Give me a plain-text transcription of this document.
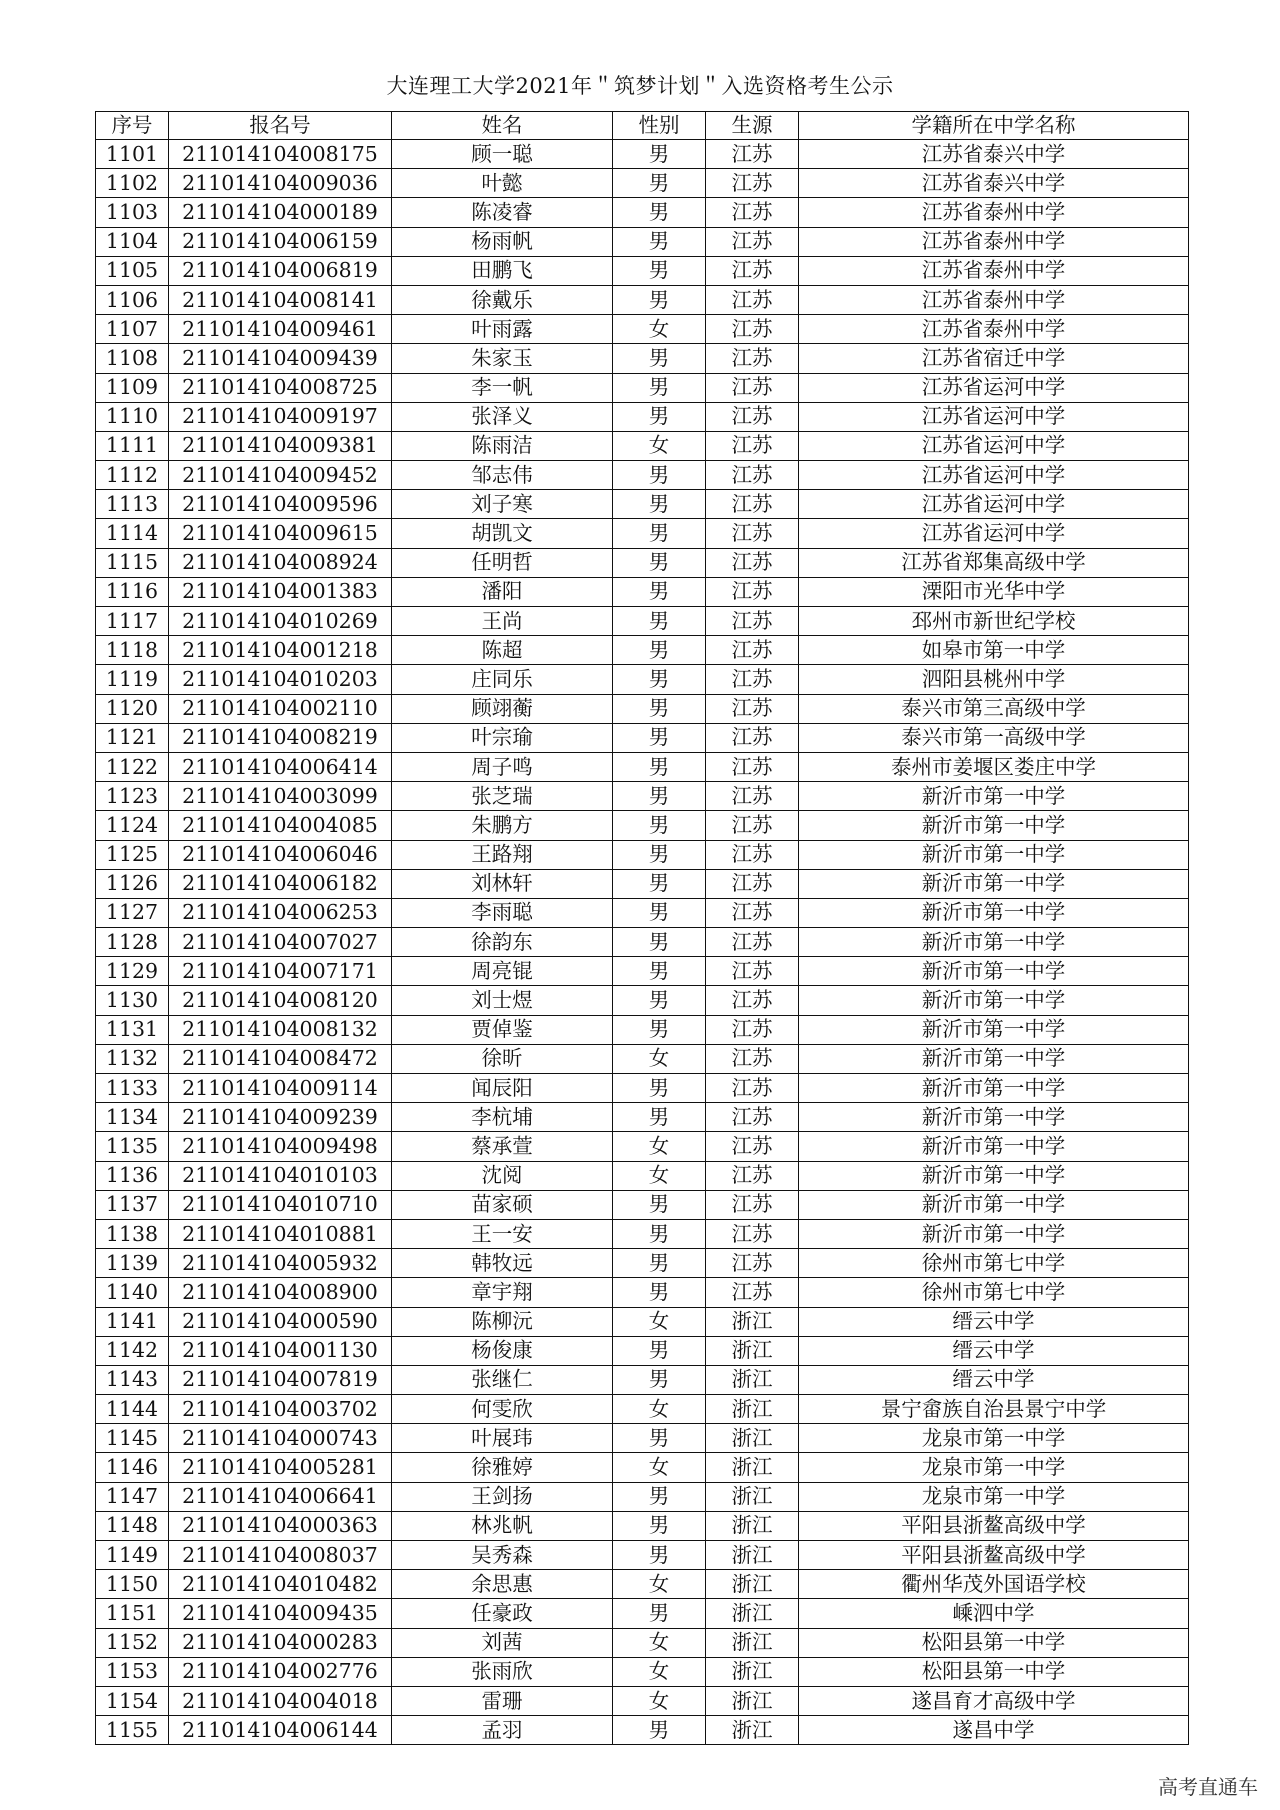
大连理工大学2021年＂筑梦计划＂入选资格考生公示
序号	报名号	姓名	性别	生源	学籍所在中学名称
1101	211014104008175	顾一聪	男	江苏	江苏省泰兴中学
1102	211014104009036	叶懿	男	江苏	江苏省泰兴中学
1103	211014104000189	陈凌睿	男	江苏	江苏省泰州中学
1104	211014104006159	杨雨帆	男	江苏	江苏省泰州中学
1105	211014104006819	田鹏飞	男	江苏	江苏省泰州中学
1106	211014104008141	徐戴乐	男	江苏	江苏省泰州中学
1107	211014104009461	叶雨露	女	江苏	江苏省泰州中学
1108	211014104009439	朱家玉	男	江苏	江苏省宿迁中学
1109	211014104008725	李一帆	男	江苏	江苏省运河中学
1110	211014104009197	张泽义	男	江苏	江苏省运河中学
1111	211014104009381	陈雨洁	女	江苏	江苏省运河中学
1112	211014104009452	邹志伟	男	江苏	江苏省运河中学
1113	211014104009596	刘子寒	男	江苏	江苏省运河中学
1114	211014104009615	胡凯文	男	江苏	江苏省运河中学
1115	211014104008924	任明哲	男	江苏	江苏省郑集高级中学
1116	211014104001383	潘阳	男	江苏	溧阳市光华中学
1117	211014104010269	王尚	男	江苏	邳州市新世纪学校
1118	211014104001218	陈超	男	江苏	如皋市第一中学
1119	211014104010203	庄同乐	男	江苏	泗阳县桃州中学
1120	211014104002110	顾翊蘅	男	江苏	泰兴市第三高级中学
1121	211014104008219	叶宗瑜	男	江苏	泰兴市第一高级中学
1122	211014104006414	周子鸣	男	江苏	泰州市姜堰区娄庄中学
1123	211014104003099	张芝瑞	男	江苏	新沂市第一中学
1124	211014104004085	朱鹏方	男	江苏	新沂市第一中学
1125	211014104006046	王路翔	男	江苏	新沂市第一中学
1126	211014104006182	刘林轩	男	江苏	新沂市第一中学
1127	211014104006253	李雨聪	男	江苏	新沂市第一中学
1128	211014104007027	徐韵东	男	江苏	新沂市第一中学
1129	211014104007171	周亮锟	男	江苏	新沂市第一中学
1130	211014104008120	刘士煜	男	江苏	新沂市第一中学
1131	211014104008132	贾倬鉴	男	江苏	新沂市第一中学
1132	211014104008472	徐昕	女	江苏	新沂市第一中学
1133	211014104009114	闻辰阳	男	江苏	新沂市第一中学
1134	211014104009239	李杭埔	男	江苏	新沂市第一中学
1135	211014104009498	蔡承萱	女	江苏	新沂市第一中学
1136	211014104010103	沈阅	女	江苏	新沂市第一中学
1137	211014104010710	苗家硕	男	江苏	新沂市第一中学
1138	211014104010881	王一安	男	江苏	新沂市第一中学
1139	211014104005932	韩牧远	男	江苏	徐州市第七中学
1140	211014104008900	章宇翔	男	江苏	徐州市第七中学
1141	211014104000590	陈柳沅	女	浙江	缙云中学
1142	211014104001130	杨俊康	男	浙江	缙云中学
1143	211014104007819	张继仁	男	浙江	缙云中学
1144	211014104003702	何雯欣	女	浙江	景宁畲族自治县景宁中学
1145	211014104000743	叶展玮	男	浙江	龙泉市第一中学
1146	211014104005281	徐雅婷	女	浙江	龙泉市第一中学
1147	211014104006641	王剑扬	男	浙江	龙泉市第一中学
1148	211014104000363	林兆帆	男	浙江	平阳县浙鳌高级中学
1149	211014104008037	吴秀森	男	浙江	平阳县浙鳌高级中学
1150	211014104010482	余思惠	女	浙江	衢州华茂外国语学校
1151	211014104009435	任豪政	男	浙江	嵊泗中学
1152	211014104000283	刘茜	女	浙江	松阳县第一中学
1153	211014104002776	张雨欣	女	浙江	松阳县第一中学
1154	211014104004018	雷珊	女	浙江	遂昌育才高级中学
1155	211014104006144	孟羽	男	浙江	遂昌中学
高考直通车
